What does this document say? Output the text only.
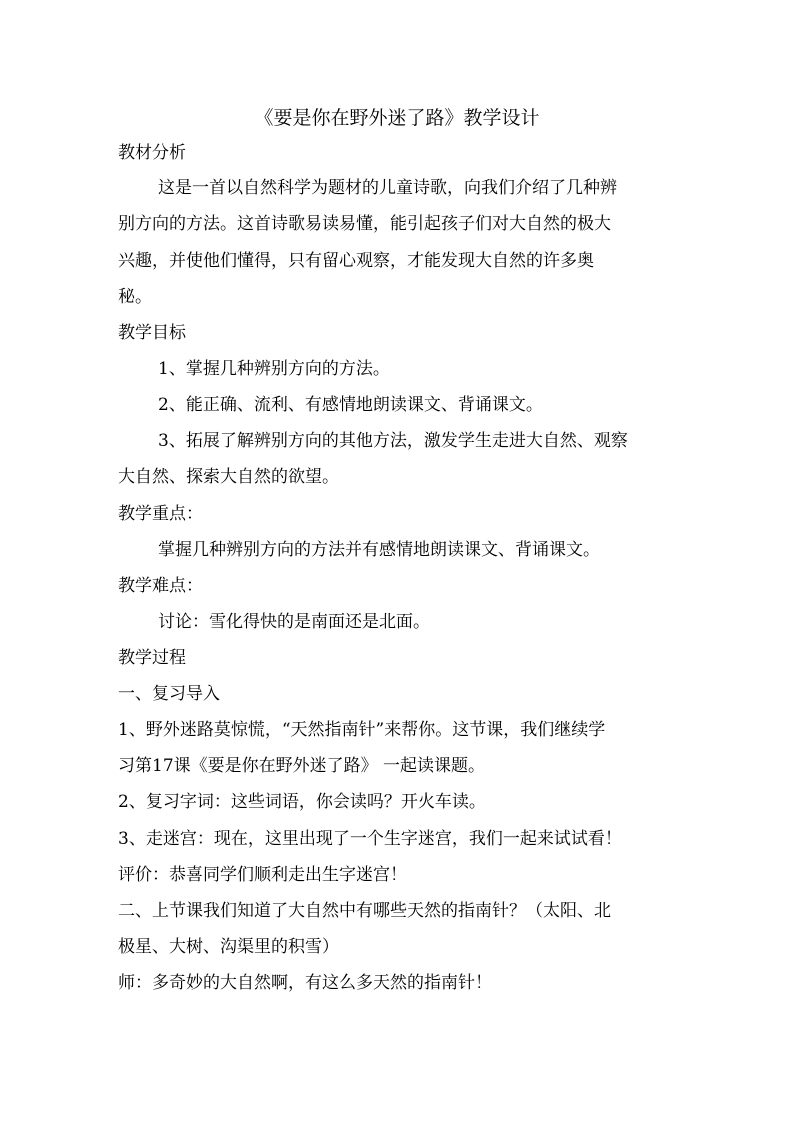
《要是你在野外迷了路》教学设计

教材分析

这是一首以自然科学为题材的儿童诗歌，向我们介绍了几种辨

别方向的方法。这首诗歌易读易懂，能引起孩子们对大自然的极大

兴趣，并使他们懂得，只有留心观察，才能发现大自然的许多奥

秘。

教学目标

1、掌握几种辨别方向的方法。

2、能正确、流利、有感情地朗读课文、背诵课文。

3、拓展了解辨别方向的其他方法，激发学生走进大自然、观察

大自然、探索大自然的欲望。

教学重点：

掌握几种辨别方向的方法并有感情地朗读课文、背诵课文。

教学难点：

讨论：雪化得快的是南面还是北面。

教学过程

一、复习导入

1、野外迷路莫惊慌，“天然指南针”来帮你。这节课，我们继续学

习第17课《要是你在野外迷了路》 一起读课题。

2、复习字词：这些词语，你会读吗？开火车读。

3、走迷宫：现在，这里出现了一个生字迷宫，我们一起来试试看！

评价：恭喜同学们顺利走出生字迷宫！

二、上节课我们知道了大自然中有哪些天然的指南针？（太阳、北

极星、大树、沟渠里的积雪）

师：多奇妙的大自然啊，有这么多天然的指南针！
